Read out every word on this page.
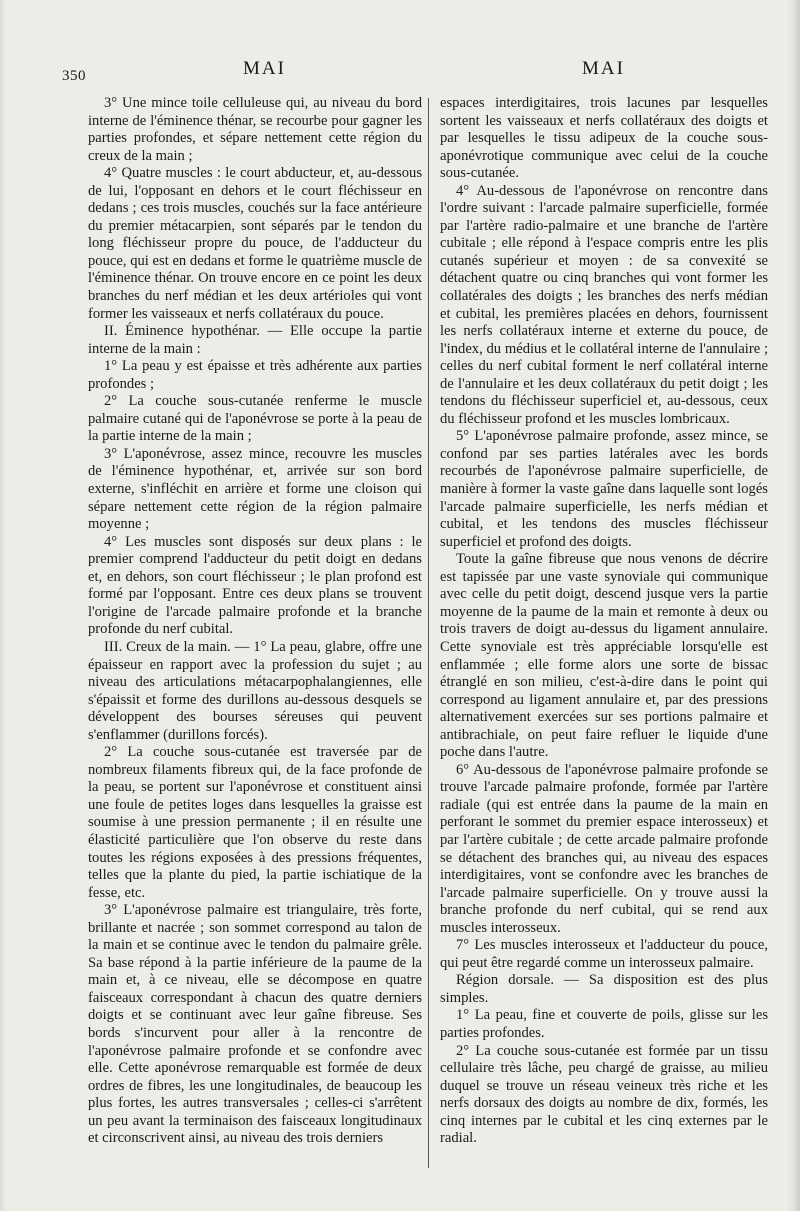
350	MAI	MAI

3° Une mince toile celluleuse qui, au niveau du bord interne de l'éminence thénar, se recourbe pour gagner les parties profondes, et sépare nettement cette région du creux de la main ;

4° Quatre muscles : le court abducteur, et, au-dessous de lui, l'opposant en dehors et le court fléchisseur en dedans ; ces trois muscles, couchés sur la face antérieure du premier métacarpien, sont séparés par le tendon du long fléchisseur propre du pouce, de l'adducteur du pouce, qui est en dedans et forme le quatrième muscle de l'éminence thénar. On trouve encore en ce point les deux branches du nerf médian et les deux artérioles qui vont former les vaisseaux et nerfs collatéraux du pouce.

II. Éminence hypothénar. — Elle occupe la partie interne de la main :

1° La peau y est épaisse et très adhérente aux parties profondes ;

2° La couche sous-cutanée renferme le muscle palmaire cutané qui de l'aponévrose se porte à la peau de la partie interne de la main ;

3° L'aponévrose, assez mince, recouvre les muscles de l'éminence hypothénar, et, arrivée sur son bord externe, s'infléchit en arrière et forme une cloison qui sépare nettement cette région de la région palmaire moyenne ;

4° Les muscles sont disposés sur deux plans : le premier comprend l'adducteur du petit doigt en dedans et, en dehors, son court fléchisseur ; le plan profond est formé par l'opposant. Entre ces deux plans se trouvent l'origine de l'arcade palmaire profonde et la branche profonde du nerf cubital.

III. Creux de la main. — 1° La peau, glabre, offre une épaisseur en rapport avec la profession du sujet ; au niveau des articulations métacarpophalangiennes, elle s'épaissit et forme des durillons au-dessous desquels se développent des bourses séreuses qui peuvent s'enflammer (durillons forcés).

2° La couche sous-cutanée est traversée par de nombreux filaments fibreux qui, de la face profonde de la peau, se portent sur l'aponévrose et constituent ainsi une foule de petites loges dans lesquelles la graisse est soumise à une pression permanente ; il en résulte une élasticité particulière que l'on observe du reste dans toutes les régions exposées à des pressions fréquentes, telles que la plante du pied, la partie ischiatique de la fesse, etc.

3° L'aponévrose palmaire est triangulaire, très forte, brillante et nacrée ; son sommet correspond au talon de la main et se continue avec le tendon du palmaire grêle. Sa base répond à la partie inférieure de la paume de la main et, à ce niveau, elle se décompose en quatre faisceaux correspondant à chacun des quatre derniers doigts et se continuant avec leur gaîne fibreuse. Ses bords s'incurvent pour aller à la rencontre de l'aponévrose palmaire profonde et se confondre avec elle. Cette aponévrose remarquable est formée de deux ordres de fibres, les une longitudinales, de beaucoup les plus fortes, les autres transversales ; celles-ci s'arrêtent un peu avant la terminaison des faisceaux longitudinaux et circonscrivent ainsi, au niveau des trois derniers

espaces interdigitaires, trois lacunes par lesquelles sortent les vaisseaux et nerfs collatéraux des doigts et par lesquelles le tissu adipeux de la couche sous-aponévrotique communique avec celui de la couche sous-cutanée.

4° Au-dessous de l'aponévrose on rencontre dans l'ordre suivant : l'arcade palmaire superficielle, formée par l'artère radio-palmaire et une branche de l'artère cubitale ; elle répond à l'espace compris entre les plis cutanés supérieur et moyen : de sa convexité se détachent quatre ou cinq branches qui vont former les collatérales des doigts ; les branches des nerfs médian et cubital, les premières placées en dehors, fournissent les nerfs collatéraux interne et externe du pouce, de l'index, du médius et le collatéral interne de l'annulaire ; celles du nerf cubital forment le nerf collatéral interne de l'annulaire et les deux collatéraux du petit doigt ; les tendons du fléchisseur superficiel et, au-dessous, ceux du fléchisseur profond et les muscles lombricaux.

5° L'aponévrose palmaire profonde, assez mince, se confond par ses parties latérales avec les bords recourbés de l'aponévrose palmaire superficielle, de manière à former la vaste gaîne dans laquelle sont logés l'arcade palmaire superficielle, les nerfs médian et cubital, et les tendons des muscles fléchisseur superficiel et profond des doigts.

Toute la gaîne fibreuse que nous venons de décrire est tapissée par une vaste synoviale qui communique avec celle du petit doigt, descend jusque vers la partie moyenne de la paume de la main et remonte à deux ou trois travers de doigt au-dessus du ligament annulaire. Cette synoviale est très appréciable lorsqu'elle est enflammée ; elle forme alors une sorte de bissac étranglé en son milieu, c'est-à-dire dans le point qui correspond au ligament annulaire et, par des pressions alternativement exercées sur ses portions palmaire et antibrachiale, on peut faire refluer le liquide d'une poche dans l'autre.

6° Au-dessous de l'aponévrose palmaire profonde se trouve l'arcade palmaire profonde, formée par l'artère radiale (qui est entrée dans la paume de la main en perforant le sommet du premier espace interosseux) et par l'artère cubitale ; de cette arcade palmaire profonde se détachent des branches qui, au niveau des espaces interdigitaires, vont se confondre avec les branches de l'arcade palmaire superficielle. On y trouve aussi la branche profonde du nerf cubital, qui se rend aux muscles interosseux.

7° Les muscles interosseux et l'adducteur du pouce, qui peut être regardé comme un interosseux palmaire.

Région dorsale. — Sa disposition est des plus simples.

1° La peau, fine et couverte de poils, glisse sur les parties profondes.

2° La couche sous-cutanée est formée par un tissu cellulaire très lâche, peu chargé de graisse, au milieu duquel se trouve un réseau veineux très riche et les nerfs dorsaux des doigts au nombre de dix, formés, les cinq internes par le cubital et les cinq externes par le radial.
